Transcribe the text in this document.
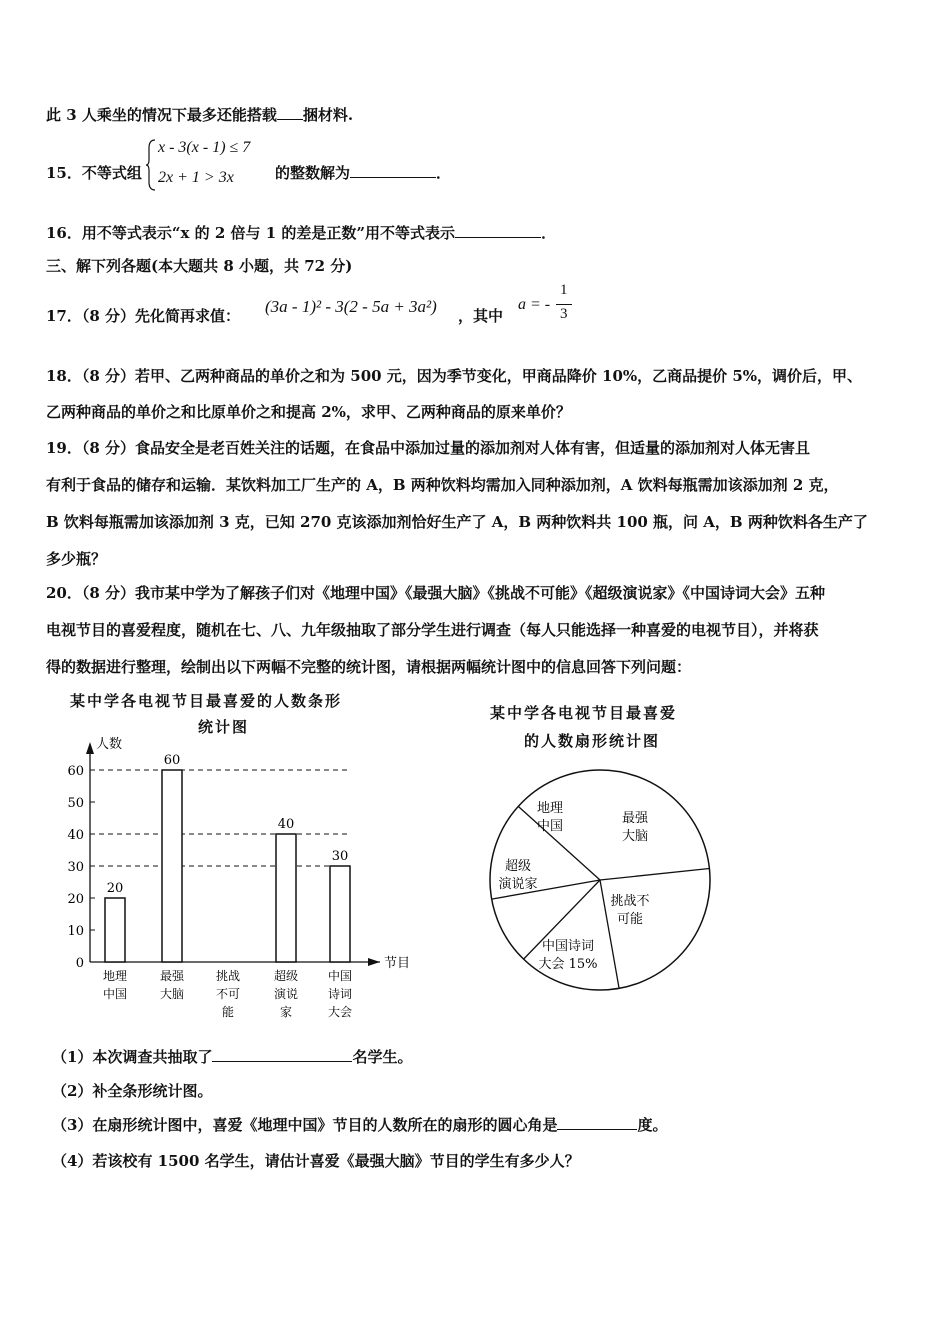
此 3 人乘坐的情况下最多还能搭载 捆材料.
15．不等式组
x - 3(x - 1) ≤ 7
2x + 1 > 3x	的整数解为	．
16．用不等式表示“x 的 2 倍与 1 的差是正数”用不等式表示	．
三、解下列各题(本大题共 8 小题，共 72 分)
17．（8 分）先化简再求值： (3a - 1)² - 3(2 - 5a + 3a²) ，其中
a = -
1
3
18．（8 分）若甲、乙两种商品的单价之和为 500 元，因为季节变化，甲商品降价 10%，乙商品提价 5%，调价后，甲、
乙两种商品的单价之和比原单价之和提高 2%，求甲、乙两种商品的原来单价？
19．（8 分）食品安全是老百姓关注的话题，在食品中添加过量的添加剂对人体有害，但适量的添加剂对人体无害且
有利于食品的储存和运输．某饮料加工厂生产的 A，B 两种饮料均需加入同种添加剂，A 饮料每瓶需加该添加剂 2 克，
B 饮料每瓶需加该添加剂 3 克，已知 270 克该添加剂恰好生产了 A，B 两种饮料共 100 瓶，问 A，B 两种饮料各生产了
多少瓶？
20．（8 分）我市某中学为了解孩子们对《地理中国》《最强大脑》《挑战不可能》《超级演说家》《中国诗词大会》五种
电视节目的喜爱程度，随机在七、八、九年级抽取了部分学生进行调查（每人只能选择一种喜爱的电视节目），并将获
得的数据进行整理，绘制出以下两幅不完整的统计图，请根据两幅统计图中的信息回答下列问题：
某中学各电视节目最喜爱的人数条形
统计图
某中学各电视节目最喜爱
的人数扇形统计图
人数
节目
0
10
20
30
40
50
60
20
地理
中国
60
最强
大脑
挑战
不可
能
40
超级
演说
家
30
中国
诗词
大会
地理
中国
最强
大脑
挑战不
可能
中国诗词
大会 15%
超级
演说家
（1）本次调查共抽取了	名学生。
（2）补全条形统计图。
（3）在扇形统计图中，喜爱《地理中国》节目的人数所在的扇形的圆心角是	度。
（4）若该校有 1500 名学生，请估计喜爱《最强大脑》节目的学生有多少人？
